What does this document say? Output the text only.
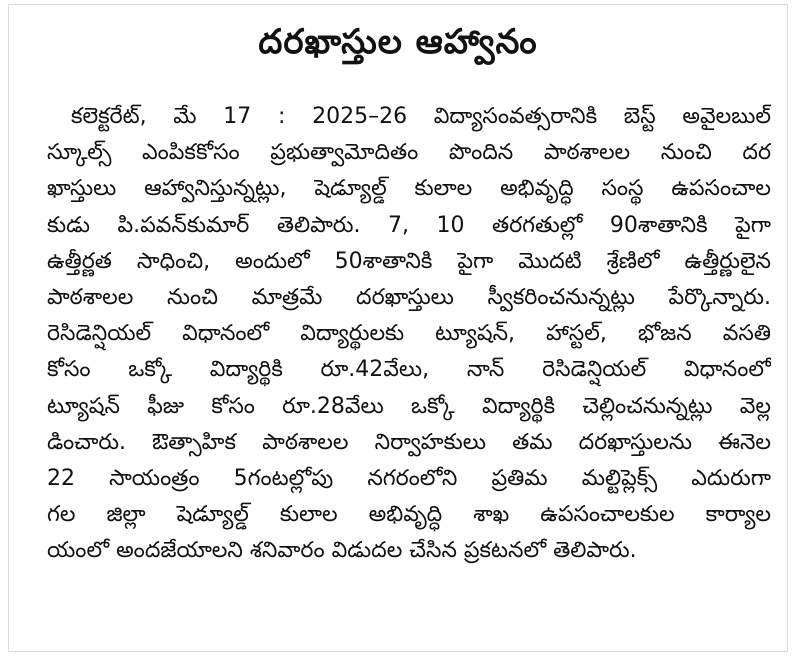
దరఖాస్తుల ఆహ్వానం
కలెక్టరేట్‌, మే 17 : 2025–26 విద్యాసంవత్సరానికి బెస్ట్‌ అవైలబుల్‌
స్కూల్స్‌ ఎంపికకోసం ప్రభుత్వామోదితం పొందిన పాఠశాలల నుంచి దర
ఖాస్తులు ఆహ్వానిస్తున్నట్లు, షెడ్యూల్డ్‌ కులాల అభివృద్ధి సంస్థ ఉపసంచాల
కుడు పి.పవన్‌కుమార్‌ తెలిపారు. 7, 10 తరగతుల్లో 90శాతానికి పైగా
ఉత్తీర్ణత సాధించి, అందులో 50శాతానికి పైగా మొదటి శ్రేణిలో ఉత్తీర్ణులైన
పాఠశాలల నుంచి మాత్రమే దరఖాస్తులు స్వీకరించనున్నట్లు పేర్కొన్నారు.
రెసిడెన్షియల్‌ విధానంలో విద్యార్థులకు ట్యూషన్‌, హాస్టల్‌, భోజన వసతి
కోసం ఒక్కో విద్యార్థికి రూ.42వేలు, నాన్‌ రెసిడెన్షియల్‌ విధానంలో
ట్యూషన్‌ ఫీజు కోసం రూ.28వేలు ఒక్కో విద్యార్థికి చెల్లించనున్నట్లు వెల్ల
డించారు. ఔత్సాహిక పాఠశాలల నిర్వాహకులు తమ దరఖాస్తులను ఈనెల
22 సాయంత్రం 5గంటల్లోపు నగరంలోని ప్రతిమ మల్టిప్లెక్స్‌ ఎదురుగా
గల జిల్లా షెడ్యూల్డ్‌ కులాల అభివృద్ధి శాఖ ఉపసంచాలకుల కార్యాల
యంలో అందజేయాలని శనివారం విడుదల చేసిన ప్రకటనలో తెలిపారు.
